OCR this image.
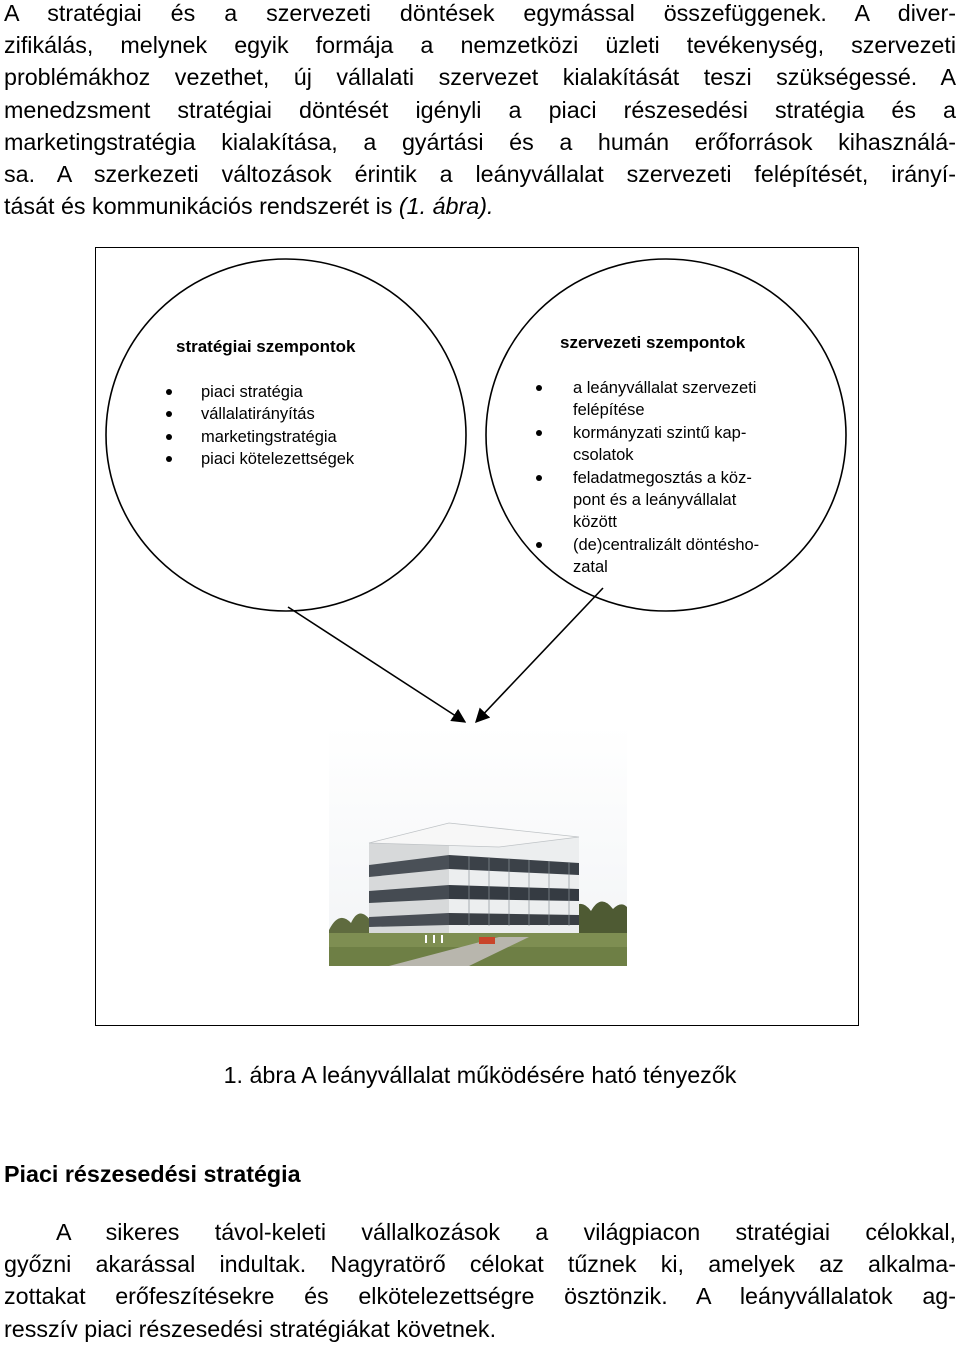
A stratégiai és a szervezeti döntések egymással összefüggenek. A diver-
zifikálás, melynek egyik formája a nemzetközi üzleti tevékenység, szervezeti
problémákhoz vezethet, új vállalati szervezet kialakítását teszi szükségessé. A
menedzsment stratégiai döntését igényli a piaci részesedési stratégia és a
marketingstratégia kialakítása, a gyártási és a humán erőforrások kihasználá-
sa. A szerkezeti változások érintik a leányvállalat szervezeti felépítését, irányí-
tását és kommunikációs rendszerét is (1. ábra).
stratégiai szempontok
piaci stratégia
vállalatirányítás
marketingstratégia
piaci kötelezettségek
szervezeti szempontok
a leányvállalat szervezeti
felépítése
kormányzati szintű kap-
csolatok
feladatmegosztás a köz-
pont és a leányvállalat
között
(de)centralizált döntésho-
zatal
1. ábra A leányvállalat működésére ható tényezők
Piaci részesedési stratégia
A sikeres távol-keleti vállalkozások a világpiacon stratégiai célokkal,
győzni akarással indultak. Nagyratörő célokat tűznek ki, amelyek az alkalma-
zottakat erőfeszítésekre és elkötelezettségre ösztönzik. A leányvállalatok ag-
resszív piaci részesedési stratégiákat követnek.
